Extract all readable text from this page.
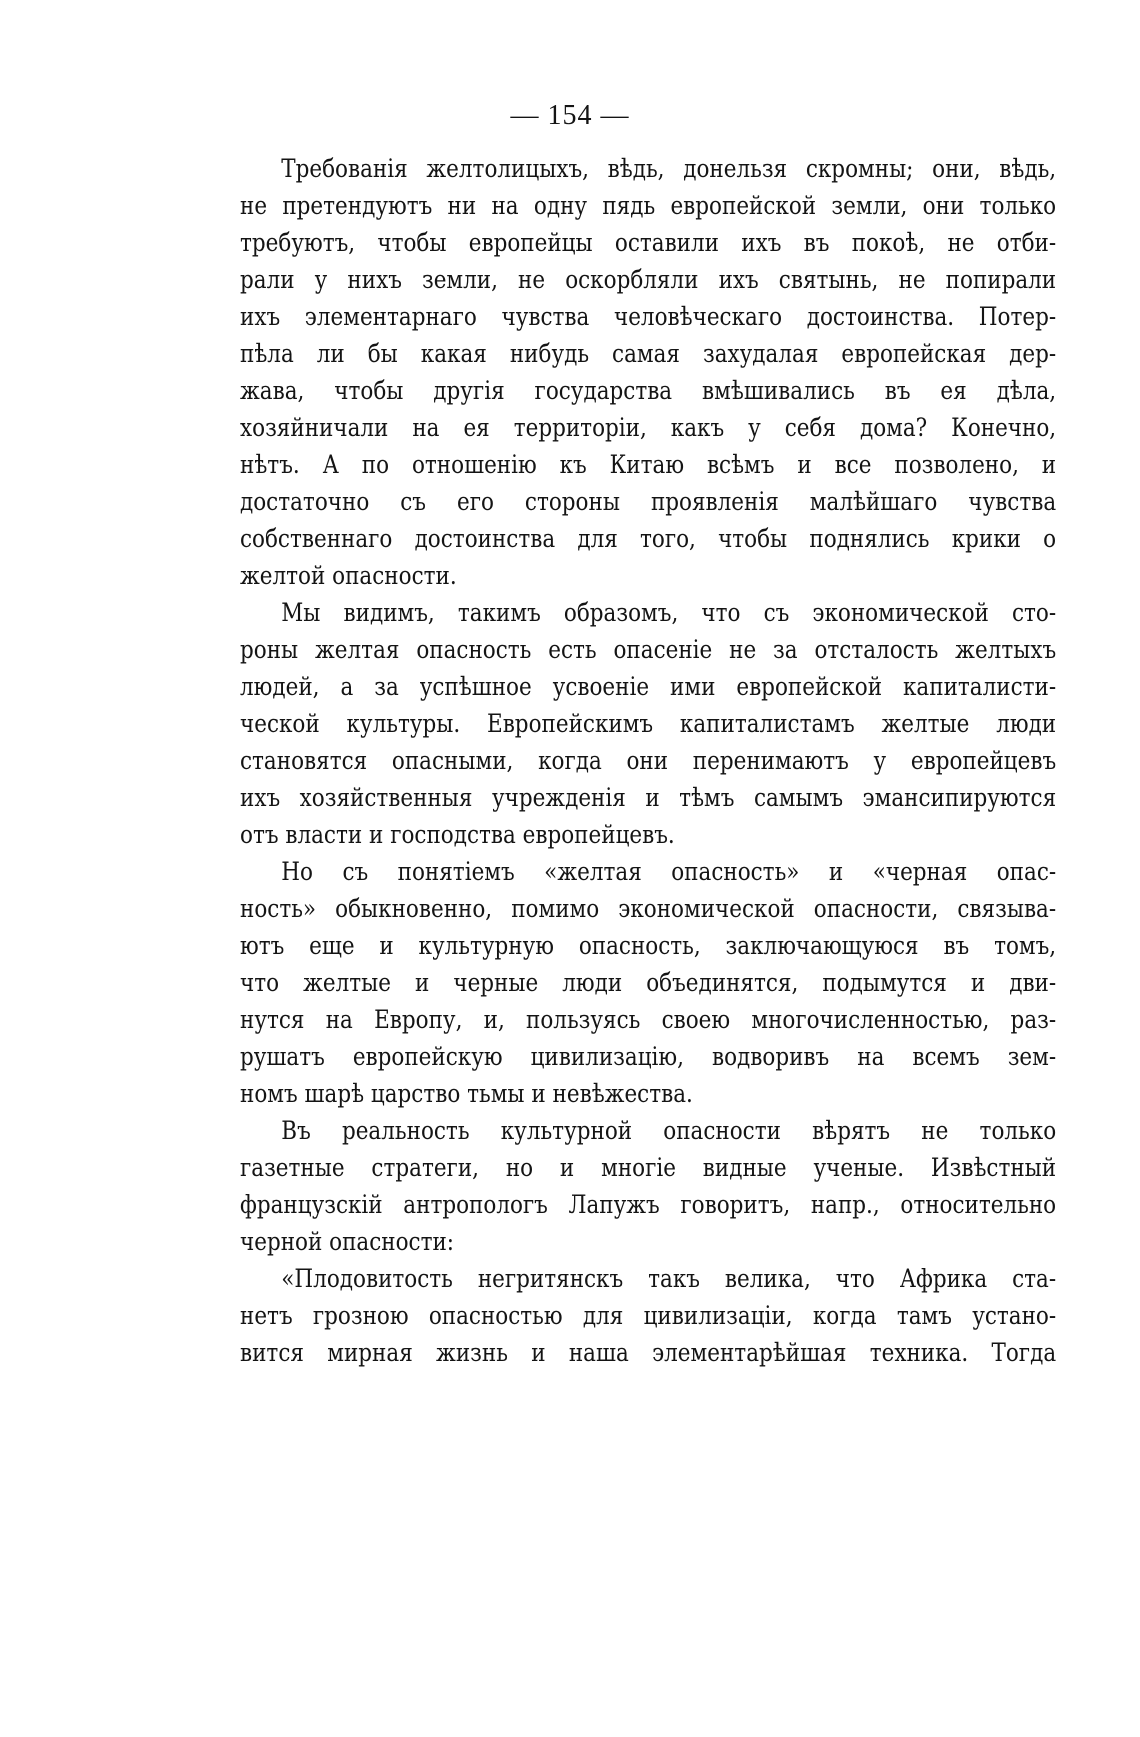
— 154 —
Требованія желтолицыхъ, вѣдь, донельзя скромны; они, вѣдь,
не претендуютъ ни на одну пядь европейской земли, они только
требуютъ, чтобы европейцы оставили ихъ въ покоѣ, не отби-
рали у нихъ земли, не оскорбляли ихъ святынь, не попирали
ихъ элементарнаго чувства человѣческаго достоинства. Потер-
пѣла ли бы какая нибудь самая захудалая европейская дер-
жава, чтобы другія государства вмѣшивались въ ея дѣла,
хозяйничали на ея территоріи, какъ у себя дома? Конечно,
нѣтъ. А по отношенію къ Китаю всѣмъ и все позволено, и
достаточно съ его стороны проявленія малѣйшаго чувства
собственнаго достоинства для того, чтобы поднялись крики о
желтой опасности.
Мы видимъ, такимъ образомъ, что съ экономической сто-
роны желтая опасность есть опасеніе не за отсталость желтыхъ
людей, а за успѣшное усвоеніе ими европейской капиталисти-
ческой культуры. Европейскимъ капиталистамъ желтые люди
становятся опасными, когда они перенимаютъ у европейцевъ
ихъ хозяйственныя учрежденія и тѣмъ самымъ эмансипируются
отъ власти и господства европейцевъ.
Но съ понятіемъ «желтая опасность» и «черная опас-
ность» обыкновенно, помимо экономической опасности, связыва-
ютъ еще и культурную опасность, заключающуюся въ томъ,
что желтые и черные люди объединятся, подымутся и дви-
нутся на Европу, и, пользуясь своею многочисленностью, раз-
рушатъ европейскую цивилизацію, водворивъ на всемъ зем-
номъ шарѣ царство тьмы и невѣжества.
Въ реальность культурной опасности вѣрятъ не только
газетные стратеги, но и многіе видные ученые. Извѣстный
французскій антропологъ Лапужъ говоритъ, напр., относительно
черной опасности:
«Плодовитость негритянскъ такъ велика, что Африка ста-
нетъ грозною опасностью для цивилизаціи, когда тамъ устано-
вится мирная жизнь и наша элементарѣйшая техника. Тогда
